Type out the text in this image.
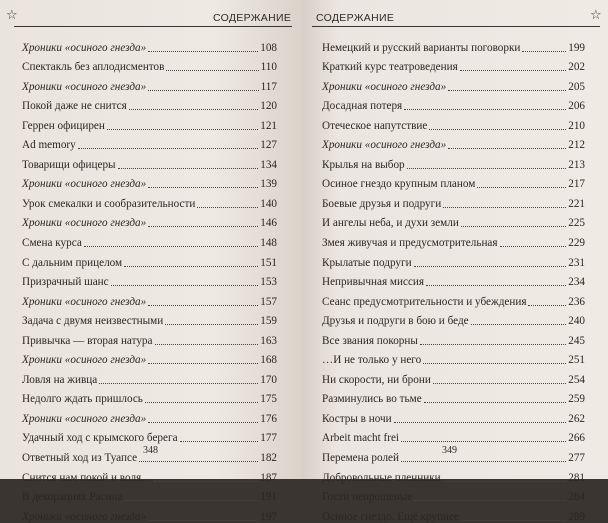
☆	СОДЕРЖАНИЕ
Хроники «осиного гнезда»	108
Спектакль без аплодисментов	110
Хроники «осиного гнезда»	117
Покой даже не снится	120
Геррен официрен	121
Ad memory	127
Товарищи офицеры	134
Хроники «осиного гнезда»	139
Урок смекалки и сообразительности	140
Хроники «осиного гнезда»	146
Смена курса	148
С дальним прицелом	151
Призрачный шанс	153
Хроники «осиного гнезда»	157
Задача с двумя неизвестными	159
Привычка — вторая натура	163
Хроники «осиного гнезда»	168
Ловля на живца	170
Недолго ждать пришлось	175
Хроники «осиного гнезда»	176
Удачный ход с крымского берега	177
Ответный ход из Туапсе	182
Снится нам покой и воля…	187
В декорациях Расина	191
Хроники «осиного гнезда»	197
348
СОДЕРЖАНИЕ	☆
Немецкий и русский варианты поговорки	199
Краткий курс театроведения	202
Хроники «осиного гнезда»	205
Досадная потеря	206
Отеческое напутствие	210
Хроники «осиного гнезда»	212
Крылья на выбор	213
Осиное гнездо крупным планом	217
Боевые друзья и подруги	221
И ангелы неба, и духи земли	225
Змея живучая и предусмотрительная	229
Крылатые подруги	231
Непривычная миссия	234
Сеанс предусмотрительности и убеждения	236
Друзья и подруги в бою и беде	240
Все звания покорны	245
…И не только у него	251
Ни скорости, ни брони	254
Разминулись во тьме	259
Костры в ночи	262
Arbeit macht frei	266
Перемена ролей	277
Добровольные пленники	281
Гости непрошеные	284
Осиное гнездо. Ещё крупнее	289
349
